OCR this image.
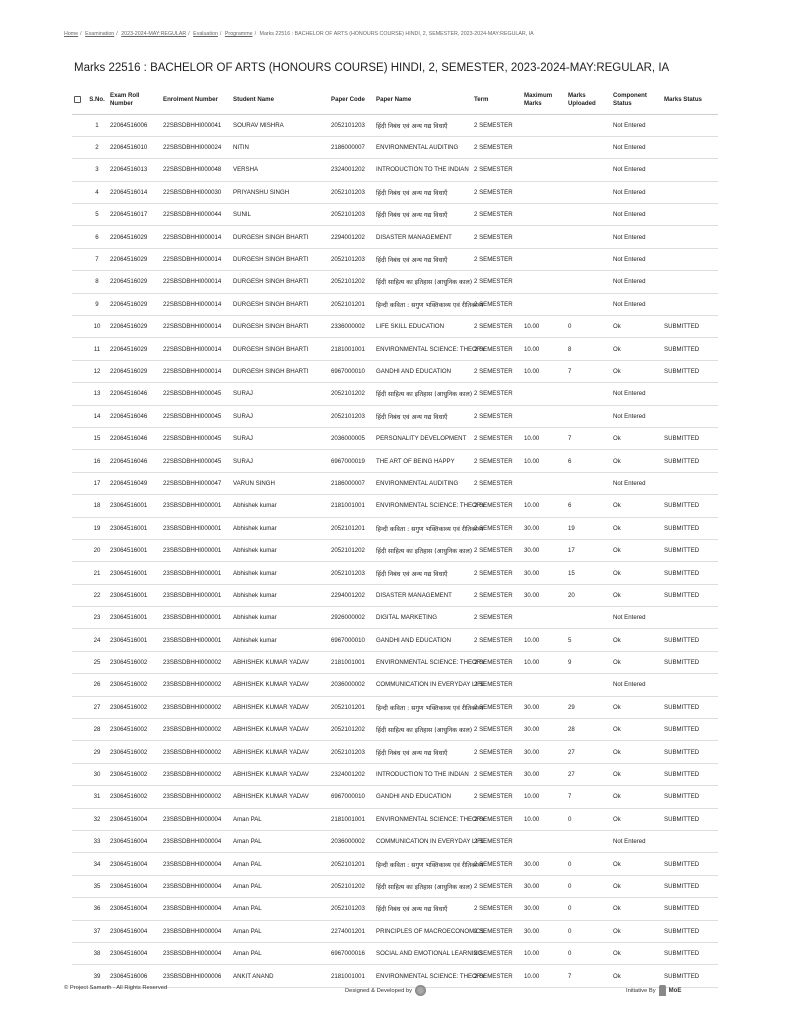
Home / Examination / 2023-2024-MAY:REGULAR / Evaluation / Programme / Marks 22516 : BACHELOR OF ARTS (HONOURS COURSE) HINDI, 2, SEMESTER, 2023-2024-MAY:REGULAR, IA
Marks 22516 : BACHELOR OF ARTS (HONOURS COURSE) HINDI, 2, SEMESTER, 2023-2024-MAY:REGULAR, IA
	S.No.	Exam Roll Number	Enrolment Number	Student Name	Paper Code	Paper Name	Term	Maximum Marks	Marks Uploaded	Component Status	Marks Status
	1	22064516006	22SBSDBHHI000041	SOURAV MISHRA	2052101203	हिंदी निबंध एवं अन्य गद्य विधाएँ	2 SEMESTER			Not Entered	
	2	22064516010	22SBSDBHHI000024	NITIN	2186000007	ENVIRONMENTAL AUDITING	2 SEMESTER			Not Entered	
	3	22064516013	22SBSDBHHI000048	VERSHA	2324001202	INTRODUCTION TO THE INDIAN	2 SEMESTER			Not Entered	
	4	22064516014	22SBSDBHHI000030	PRIYANSHU SINGH	2052101203	हिंदी निबंध एवं अन्य गद्य विधाएँ	2 SEMESTER			Not Entered	
	5	22064516017	22SBSDBHHI000044	SUNIL	2052101203	हिंदी निबंध एवं अन्य गद्य विधाएँ	2 SEMESTER			Not Entered	
	6	22064516029	22SBSDBHHI000014	DURGESH SINGH BHARTI	2294001202	DISASTER MANAGEMENT	2 SEMESTER			Not Entered	
	7	22064516029	22SBSDBHHI000014	DURGESH SINGH BHARTI	2052101203	हिंदी निबंध एवं अन्य गद्य विधाएँ	2 SEMESTER			Not Entered	
	8	22064516029	22SBSDBHHI000014	DURGESH SINGH BHARTI	2052101202	हिंदी साहित्य का इतिहास (आधुनिक काल)	2 SEMESTER			Not Entered	
	9	22064516029	22SBSDBHHI000014	DURGESH SINGH BHARTI	2052101201	हिन्दी कविता : सगुण भक्तिकाव्य एवं रीतिकाव्य	2 SEMESTER			Not Entered	
	10	22064516029	22SBSDBHHI000014	DURGESH SINGH BHARTI	2336000002	LIFE SKILL EDUCATION	2 SEMESTER	10.00	0	Ok	SUBMITTED
	11	22064516029	22SBSDBHHI000014	DURGESH SINGH BHARTI	2181001001	ENVIRONMENTAL SCIENCE: THEORY	2 SEMESTER	10.00	8	Ok	SUBMITTED
	12	22064516029	22SBSDBHHI000014	DURGESH SINGH BHARTI	6967000010	GANDHI AND EDUCATION	2 SEMESTER	10.00	7	Ok	SUBMITTED
	13	22064516046	22SBSDBHHI000045	SURAJ	2052101202	हिंदी साहित्य का इतिहास (आधुनिक काल)	2 SEMESTER			Not Entered	
	14	22064516046	22SBSDBHHI000045	SURAJ	2052101203	हिंदी निबंध एवं अन्य गद्य विधाएँ	2 SEMESTER			Not Entered	
	15	22064516046	22SBSDBHHI000045	SURAJ	2036000005	PERSONALITY DEVELOPMENT	2 SEMESTER	10.00	7	Ok	SUBMITTED
	16	22064516046	22SBSDBHHI000045	SURAJ	6967000019	THE ART OF BEING HAPPY	2 SEMESTER	10.00	6	Ok	SUBMITTED
	17	22064516049	22SBSDBHHI000047	VARUN SINGH	2186000007	ENVIRONMENTAL AUDITING	2 SEMESTER			Not Entered	
	18	23064516001	23SBSDBHHI000001	Abhishek kumar	2181001001	ENVIRONMENTAL SCIENCE: THEORY	2 SEMESTER	10.00	6	Ok	SUBMITTED
	19	23064516001	23SBSDBHHI000001	Abhishek kumar	2052101201	हिन्दी कविता : सगुण भक्तिकाव्य एवं रीतिकाव्य	2 SEMESTER	30.00	19	Ok	SUBMITTED
	20	23064516001	23SBSDBHHI000001	Abhishek kumar	2052101202	हिंदी साहित्य का इतिहास (आधुनिक काल)	2 SEMESTER	30.00	17	Ok	SUBMITTED
	21	23064516001	23SBSDBHHI000001	Abhishek kumar	2052101203	हिंदी निबंध एवं अन्य गद्य विधाएँ	2 SEMESTER	30.00	15	Ok	SUBMITTED
	22	23064516001	23SBSDBHHI000001	Abhishek kumar	2294001202	DISASTER MANAGEMENT	2 SEMESTER	30.00	20	Ok	SUBMITTED
	23	23064516001	23SBSDBHHI000001	Abhishek kumar	2926000002	DIGITAL MARKETING	2 SEMESTER			Not Entered	
	24	23064516001	23SBSDBHHI000001	Abhishek kumar	6967000010	GANDHI AND EDUCATION	2 SEMESTER	10.00	5	Ok	SUBMITTED
	25	23064516002	23SBSDBHHI000002	ABHISHEK KUMAR YADAV	2181001001	ENVIRONMENTAL SCIENCE: THEORY	2 SEMESTER	10.00	9	Ok	SUBMITTED
	26	23064516002	23SBSDBHHI000002	ABHISHEK KUMAR YADAV	2036000002	COMMUNICATION IN EVERYDAY LIFE	2 SEMESTER			Not Entered	
	27	23064516002	23SBSDBHHI000002	ABHISHEK KUMAR YADAV	2052101201	हिन्दी कविता : सगुण भक्तिकाव्य एवं रीतिकाव्य	2 SEMESTER	30.00	29	Ok	SUBMITTED
	28	23064516002	23SBSDBHHI000002	ABHISHEK KUMAR YADAV	2052101202	हिंदी साहित्य का इतिहास (आधुनिक काल)	2 SEMESTER	30.00	28	Ok	SUBMITTED
	29	23064516002	23SBSDBHHI000002	ABHISHEK KUMAR YADAV	2052101203	हिंदी निबंध एवं अन्य गद्य विधाएँ	2 SEMESTER	30.00	27	Ok	SUBMITTED
	30	23064516002	23SBSDBHHI000002	ABHISHEK KUMAR YADAV	2324001202	INTRODUCTION TO THE INDIAN	2 SEMESTER	30.00	27	Ok	SUBMITTED
	31	23064516002	23SBSDBHHI000002	ABHISHEK KUMAR YADAV	6967000010	GANDHI AND EDUCATION	2 SEMESTER	10.00	7	Ok	SUBMITTED
	32	23064516004	23SBSDBHHI000004	Aman PAL	2181001001	ENVIRONMENTAL SCIENCE: THEORY	2 SEMESTER	10.00	0	Ok	SUBMITTED
	33	23064516004	23SBSDBHHI000004	Aman PAL	2036000002	COMMUNICATION IN EVERYDAY LIFE	2 SEMESTER			Not Entered	
	34	23064516004	23SBSDBHHI000004	Aman PAL	2052101201	हिन्दी कविता : सगुण भक्तिकाव्य एवं रीतिकाव्य	2 SEMESTER	30.00	0	Ok	SUBMITTED
	35	23064516004	23SBSDBHHI000004	Aman PAL	2052101202	हिंदी साहित्य का इतिहास (आधुनिक काल)	2 SEMESTER	30.00	0	Ok	SUBMITTED
	36	23064516004	23SBSDBHHI000004	Aman PAL	2052101203	हिंदी निबंध एवं अन्य गद्य विधाएँ	2 SEMESTER	30.00	0	Ok	SUBMITTED
	37	23064516004	23SBSDBHHI000004	Aman PAL	2274001201	PRINCIPLES OF MACROECONOMICS	2 SEMESTER	30.00	0	Ok	SUBMITTED
	38	23064516004	23SBSDBHHI000004	Aman PAL	6967000016	SOCIAL AND EMOTIONAL LEARNING	2 SEMESTER	10.00	0	Ok	SUBMITTED
	39	23064516006	23SBSDBHHI000006	ANKIT ANAND	2181001001	ENVIRONMENTAL SCIENCE: THEORY	2 SEMESTER	10.00	7	Ok	SUBMITTED
© Project Samarth - All Rights Reserved	Designed & Developed by	Initiative By MoE
